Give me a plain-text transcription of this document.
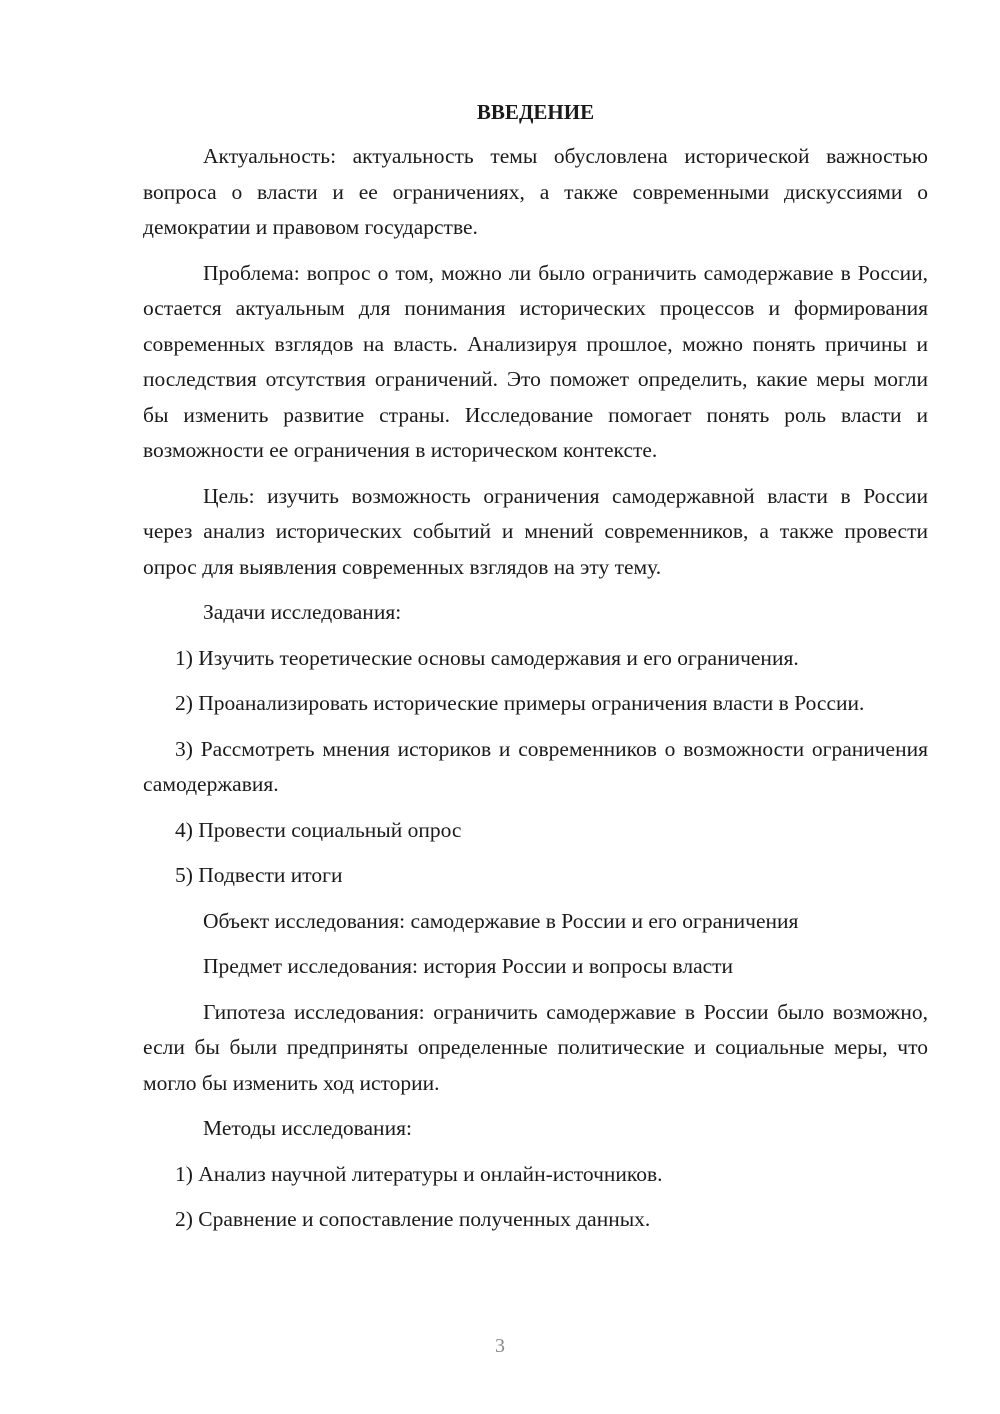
ВВЕДЕНИЕ

Актуальность: актуальность темы обусловлена исторической важностью вопроса о власти и ее ограничениях, а также современными дискуссиями о демократии и правовом государстве.

Проблема: вопрос о том, можно ли было ограничить самодержавие в России, остается актуальным для понимания исторических процессов и формирования современных взглядов на власть. Анализируя прошлое, можно понять причины и последствия отсутствия ограничений. Это поможет определить, какие меры могли бы изменить развитие страны. Исследование помогает понять роль власти и возможности ее ограничения в историческом контексте.

Цель: изучить возможность ограничения самодержавной власти в России через анализ исторических событий и мнений современников, а также провести опрос для выявления современных взглядов на эту тему.

Задачи исследования:

1) Изучить теоретические основы самодержавия и его ограничения.

2) Проанализировать исторические примеры ограничения власти в России.

3) Рассмотреть мнения историков и современников о возможности ограничения самодержавия.

4) Провести социальный опрос

5) Подвести итоги

Объект исследования: самодержавие в России и его ограничения

Предмет исследования: история России и вопросы власти

Гипотеза исследования: ограничить самодержавие в России было возможно, если бы были предприняты определенные политические и социальные меры, что могло бы изменить ход истории.

Методы исследования:

1) Анализ научной литературы и онлайн-источников.

2) Сравнение и сопоставление полученных данных.

3
